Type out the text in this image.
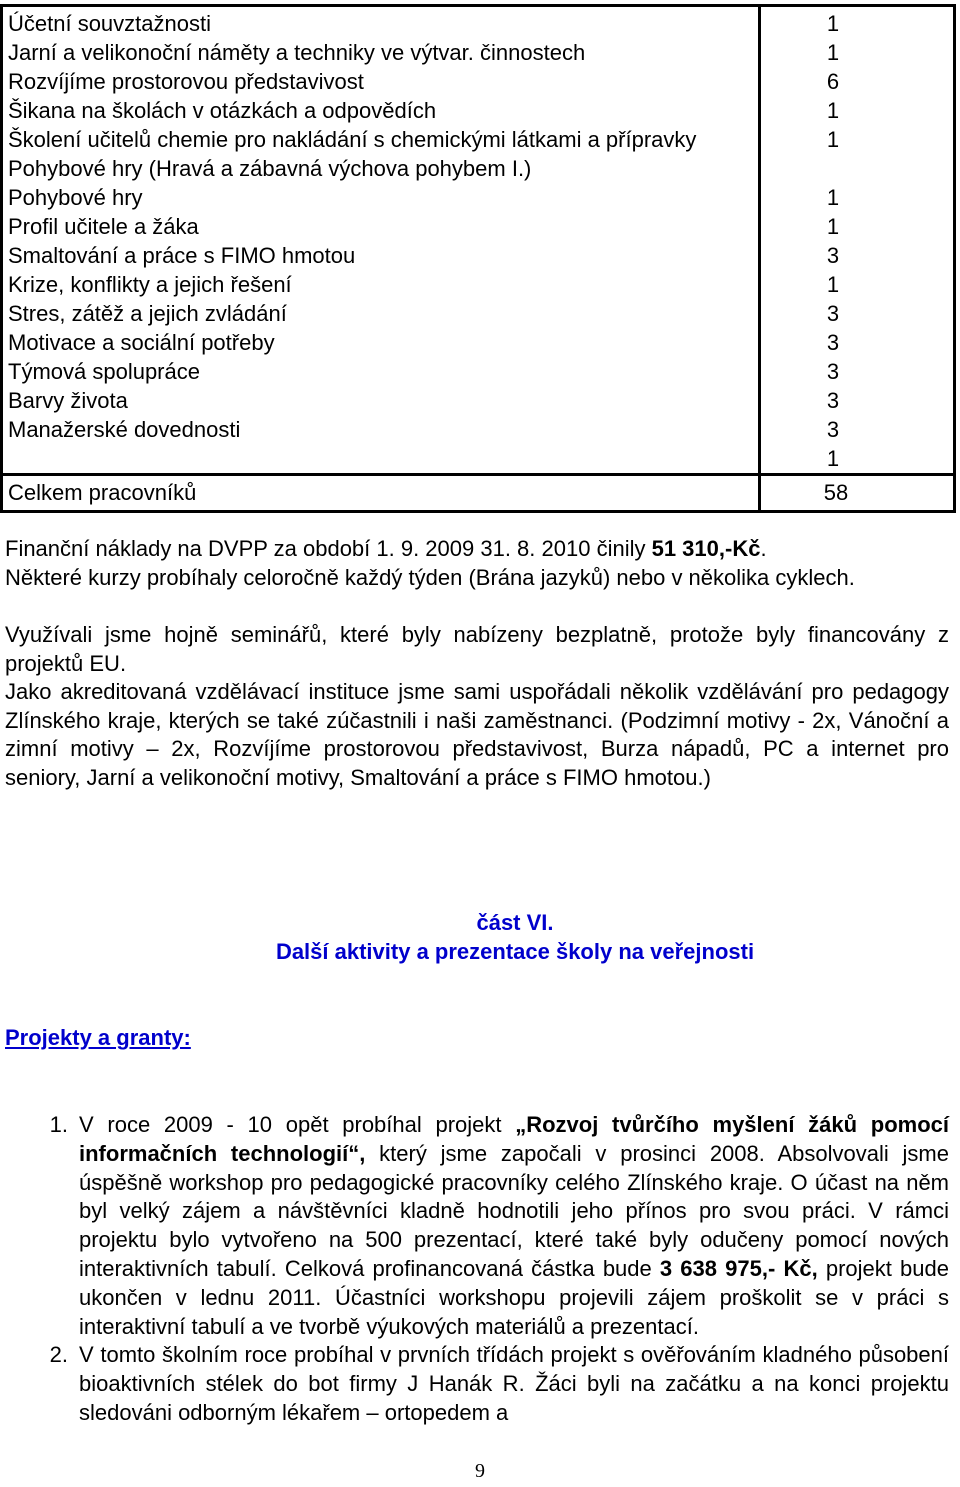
Účetní souvztažnosti
Jarní a velikonoční náměty a techniky ve výtvar. činnostech
Rozvíjíme prostorovou představivost
Šikana na školách v otázkách a odpovědích
Školení učitelů chemie pro nakládání s chemickými látkami a přípravky
Pohybové hry (Hravá a zábavná výchova pohybem I.)
Pohybové hry
Profil učitele a žáka
Smaltování a práce s FIMO hmotou
Krize, konflikty a jejich řešení
Stres, zátěž a jejich zvládání
Motivace a sociální potřeby
Týmová spolupráce
Barvy života
Manažerské dovednosti
1
1
6
1
1
1
1
3
1
3
3
3
3
3
1
Celkem pracovníků	58

Finanční náklady na DVPP za období 1. 9. 2009 31. 8. 2010 činily 51 310,-Kč.

Některé kurzy probíhaly celoročně každý týden (Brána jazyků) nebo v několika cyklech.

Využívali jsme hojně seminářů, které byly nabízeny bezplatně, protože byly financovány z projektů EU.

Jako akreditovaná vzdělávací instituce jsme sami uspořádali několik vzdělávání pro pedagogy Zlínského kraje, kterých se také zúčastnili i naši zaměstnanci. (Podzimní motivy - 2x, Vánoční a zimní motivy – 2x, Rozvíjíme prostorovou představivost, Burza nápadů, PC a internet pro seniory, Jarní a velikonoční motivy, Smaltování a práce s FIMO hmotou.)

část VI.

Další aktivity a prezentace školy na veřejnosti

Projekty a granty:

1. V roce 2009 - 10 opět probíhal projekt „Rozvoj tvůrčího myšlení žáků pomocí informačních technologií“, který jsme započali v prosinci 2008. Absolvovali jsme úspěšně workshop pro pedagogické pracovníky celého Zlínského kraje. O účast na něm byl velký zájem a návštěvníci kladně hodnotili jeho přínos pro svou práci. V rámci projektu bylo vytvořeno na 500 prezentací, které také byly odučeny pomocí nových interaktivních tabulí. Celková profinancovaná částka bude 3 638 975,- Kč, projekt bude ukončen v lednu 2011. Účastníci workshopu projevili zájem proškolit se v práci s interaktivní tabulí a ve tvorbě výukových materiálů a prezentací.
2. V tomto školním roce probíhal v prvních třídách projekt s ověřováním kladného působení bioaktivních stélek do bot firmy J Hanák R. Žáci byli na začátku a na konci projektu sledováni odborným lékařem – ortopedem a
9
